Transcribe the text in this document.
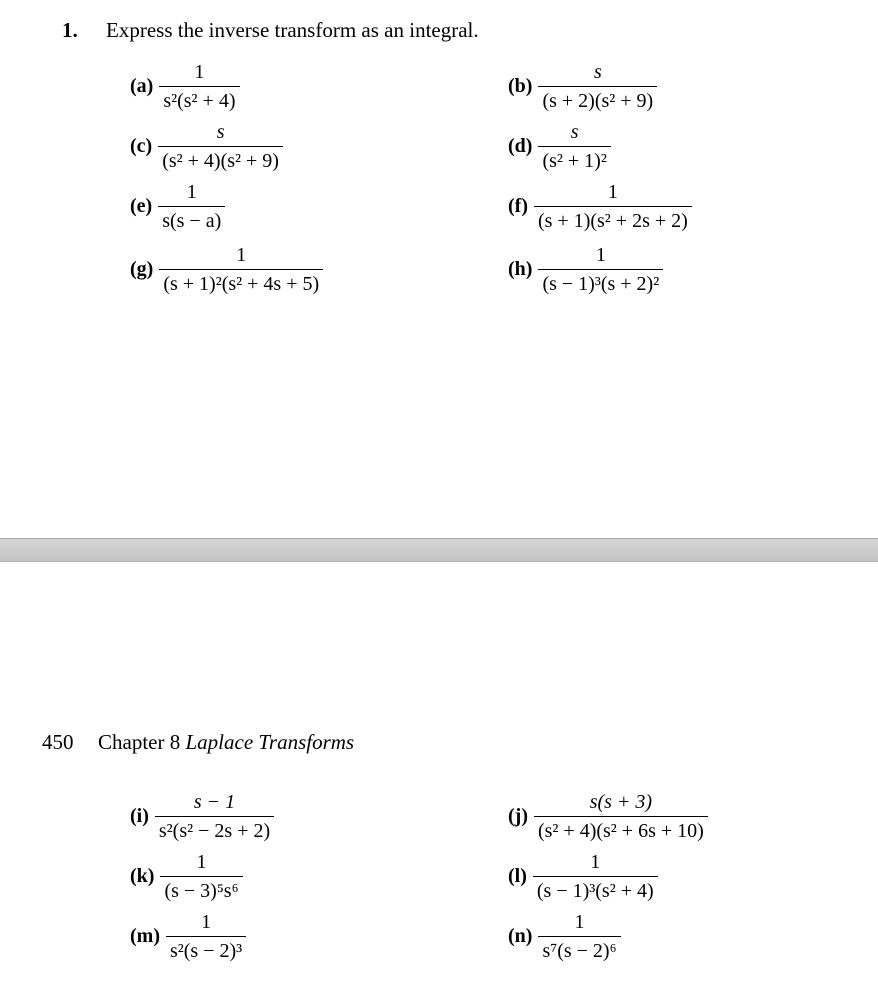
1. Express the inverse transform as an integral.
$(a) \frac{1}{\text{s²(s² + 4)}}$	$(b) \frac{s}{\text{(s + 2)(s² + 9)}}$
$(c) \frac{s}{\text{(s² + 4)(s² + 9)}}$	$(d) \frac{s}{\text{(s² + 1)²}}$
$(e) \frac{1}{s(s - a)}$	$(f) \frac{1}{\text{(s + 1)(s² + 2s + 2)}}$
$(g) \frac{1}{\text{(s + 1)²(s² + 4s + 5)}}$	$(h) \frac{1}{\text{(s − 1)³(s + 2)²}}$
450 Chapter 8 Laplace Transforms
$(i) \frac{s - 1}{\text{s²(s² − 2s + 2)}}$	$(j) \frac{s(s + 3)}{\text{(s² + 4)(s² + 6s + 10)}}$
$(k) \frac{1}{\text{(s − 3)⁵s⁶}}$	$(l) \frac{1}{\text{(s − 1)³(s² + 4)}}$
$(m) \frac{1}{\text{s²(s − 2)³}}$	$(n) \frac{1}{\text{s⁷(s − 2)⁶}}$
